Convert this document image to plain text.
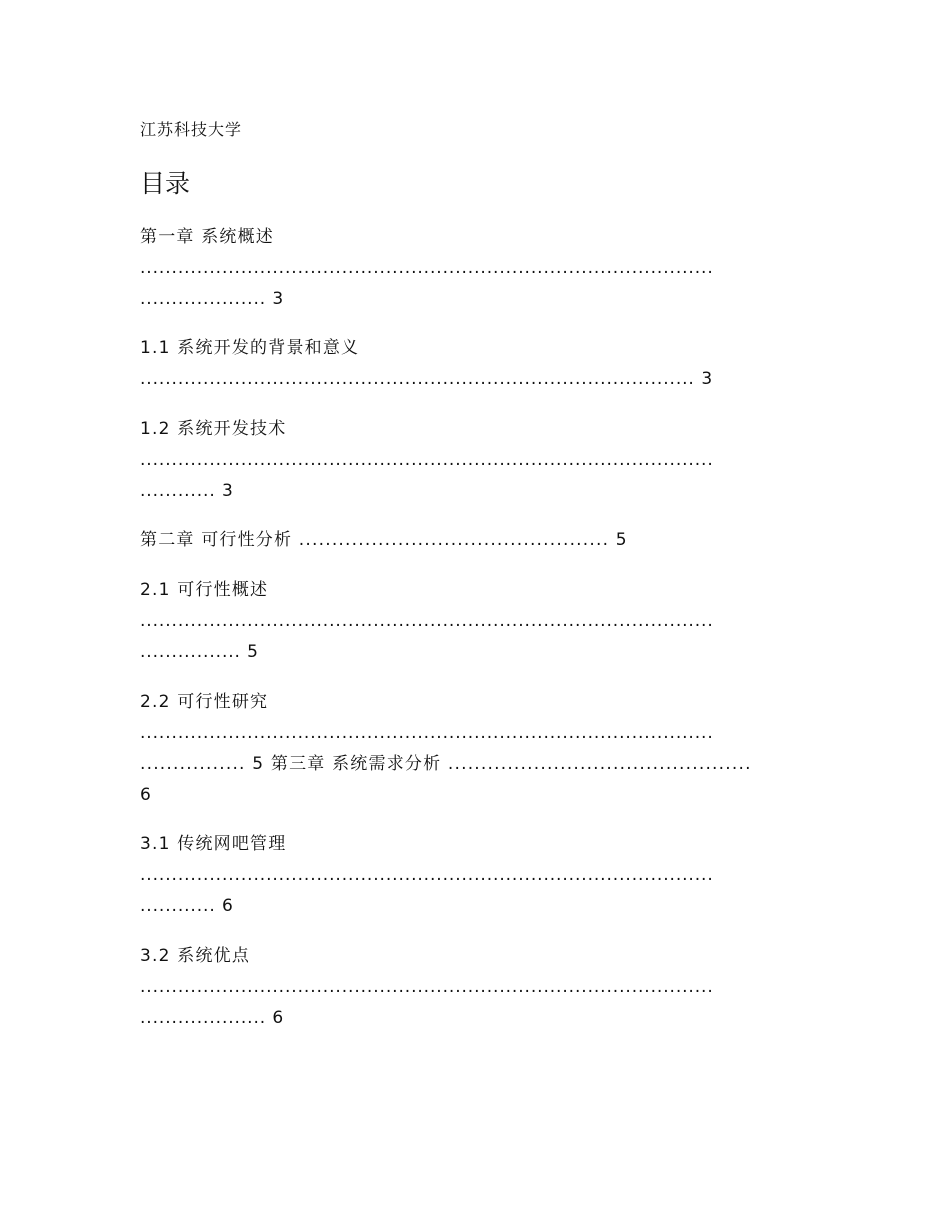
江苏科技大学
目录
第一章 系统概述
...........................................................................................
.................... 3
1.1 系统开发的背景和意义
........................................................................................ 3
1.2 系统开发技术
...........................................................................................
............ 3
第二章 可行性分析 ............................................... 5
2.1 可行性概述
...........................................................................................
................ 5
2.2 可行性研究
...........................................................................................
................ 5 第三章 系统需求分析 ..............................................
6
3.1 传统网吧管理
...........................................................................................
............ 6
3.2 系统优点
...........................................................................................
.................... 6
